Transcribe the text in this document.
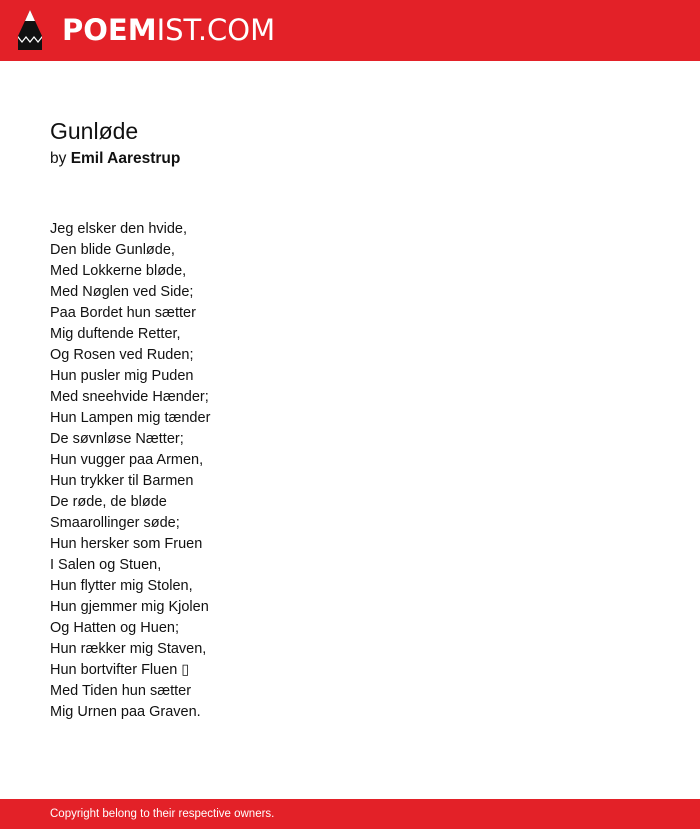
POEMIST.COM
Gunløde
by Emil Aarestrup
Jeg elsker den hvide,
Den blide Gunløde,
Med Lokkerne bløde,
Med Nøglen ved Side;
Paa Bordet hun sætter
Mig duftende Retter,
Og Rosen ved Ruden;
Hun pusler mig Puden
Med sneehvide Hænder;
Hun Lampen mig tænder
De søvnløse Nætter;
Hun vugger paa Armen,
Hun trykker til Barmen
De røde, de bløde
Smaarollinger søde;
Hun hersker som Fruen
I Salen og Stuen,
Hun flytter mig Stolen,
Hun gjemmer mig Kjolen
Og Hatten og Huen;
Hun rækker mig Staven,
Hun bortvifter Fluen ▯
Med Tiden hun sætter
Mig Urnen paa Graven.
Copyright belong to their respective owners.
